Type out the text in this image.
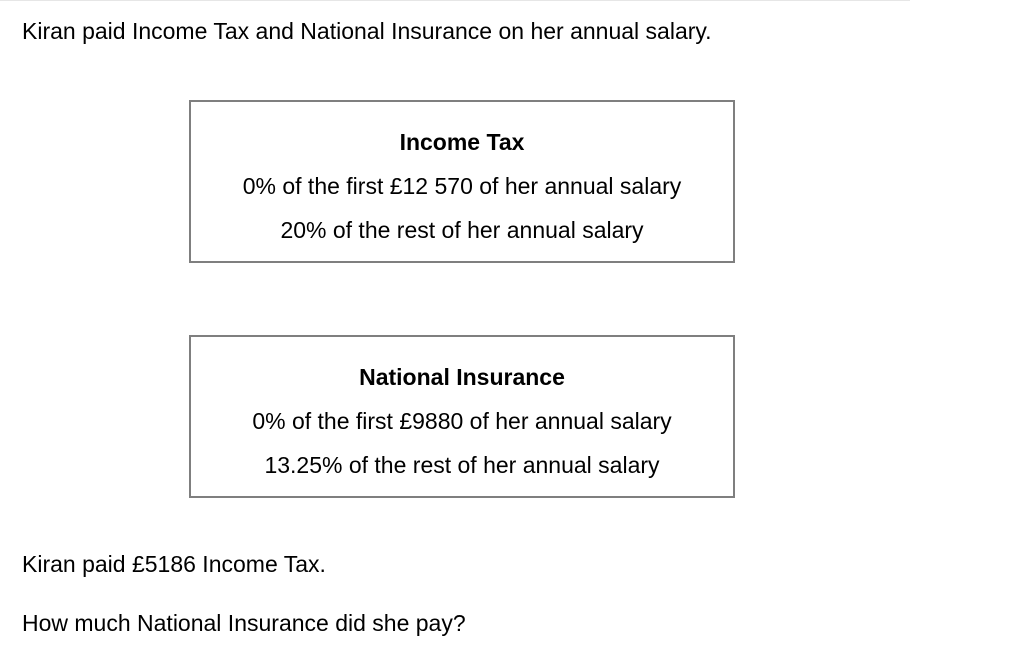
Kiran paid Income Tax and National Insurance on her annual salary.
Income Tax
0% of the first £12 570 of her annual salary
20% of the rest of her annual salary
National Insurance
0% of the first £9880 of her annual salary
13.25% of the rest of her annual salary
Kiran paid £5186 Income Tax.
How much National Insurance did she pay?
